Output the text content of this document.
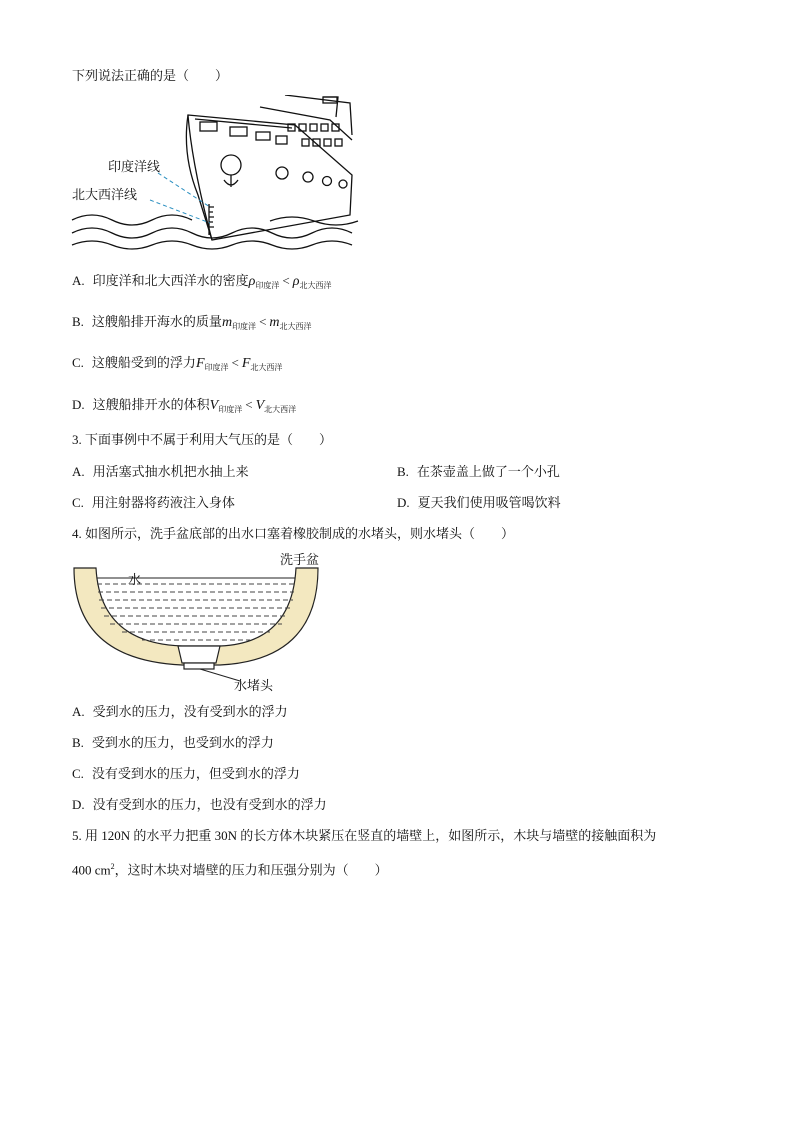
下列说法正确的是（　　）
印度洋线
北大西洋线
A. 印度洋和北大西洋水的密度$\rho_{印度洋} < \rho_{北大西洋}$
B. 这艘船排开海水的质量$m_{印度洋} < m_{北大西洋}$
C. 这艘船受到的浮力$F_{印度洋} < F_{北大西洋}$
D. 这艘船排开水的体积$V_{印度洋} < V_{北大西洋}$
3. 下面事例中不属于利用大气压的是（　　）
A. 用活塞式抽水机把水抽上来	B. 在茶壶盖上做了一个小孔
C. 用注射器将药液注入身体	D. 夏天我们使用吸管喝饮料
4. 如图所示，洗手盆底部的出水口塞着橡胶制成的水堵头，则水堵头（　　）
洗手盆
水
水堵头
A. 受到水的压力，没有受到水的浮力
B. 受到水的压力，也受到水的浮力
C. 没有受到水的压力，但受到水的浮力
D. 没有受到水的压力，也没有受到水的浮力
5. 用 120N 的水平力把重 30N 的长方体木块紧压在竖直的墙壁上，如图所示，木块与墙壁的接触面积为
400 $cm^2$，这时木块对墙壁的压力和压强分别为（　　）
